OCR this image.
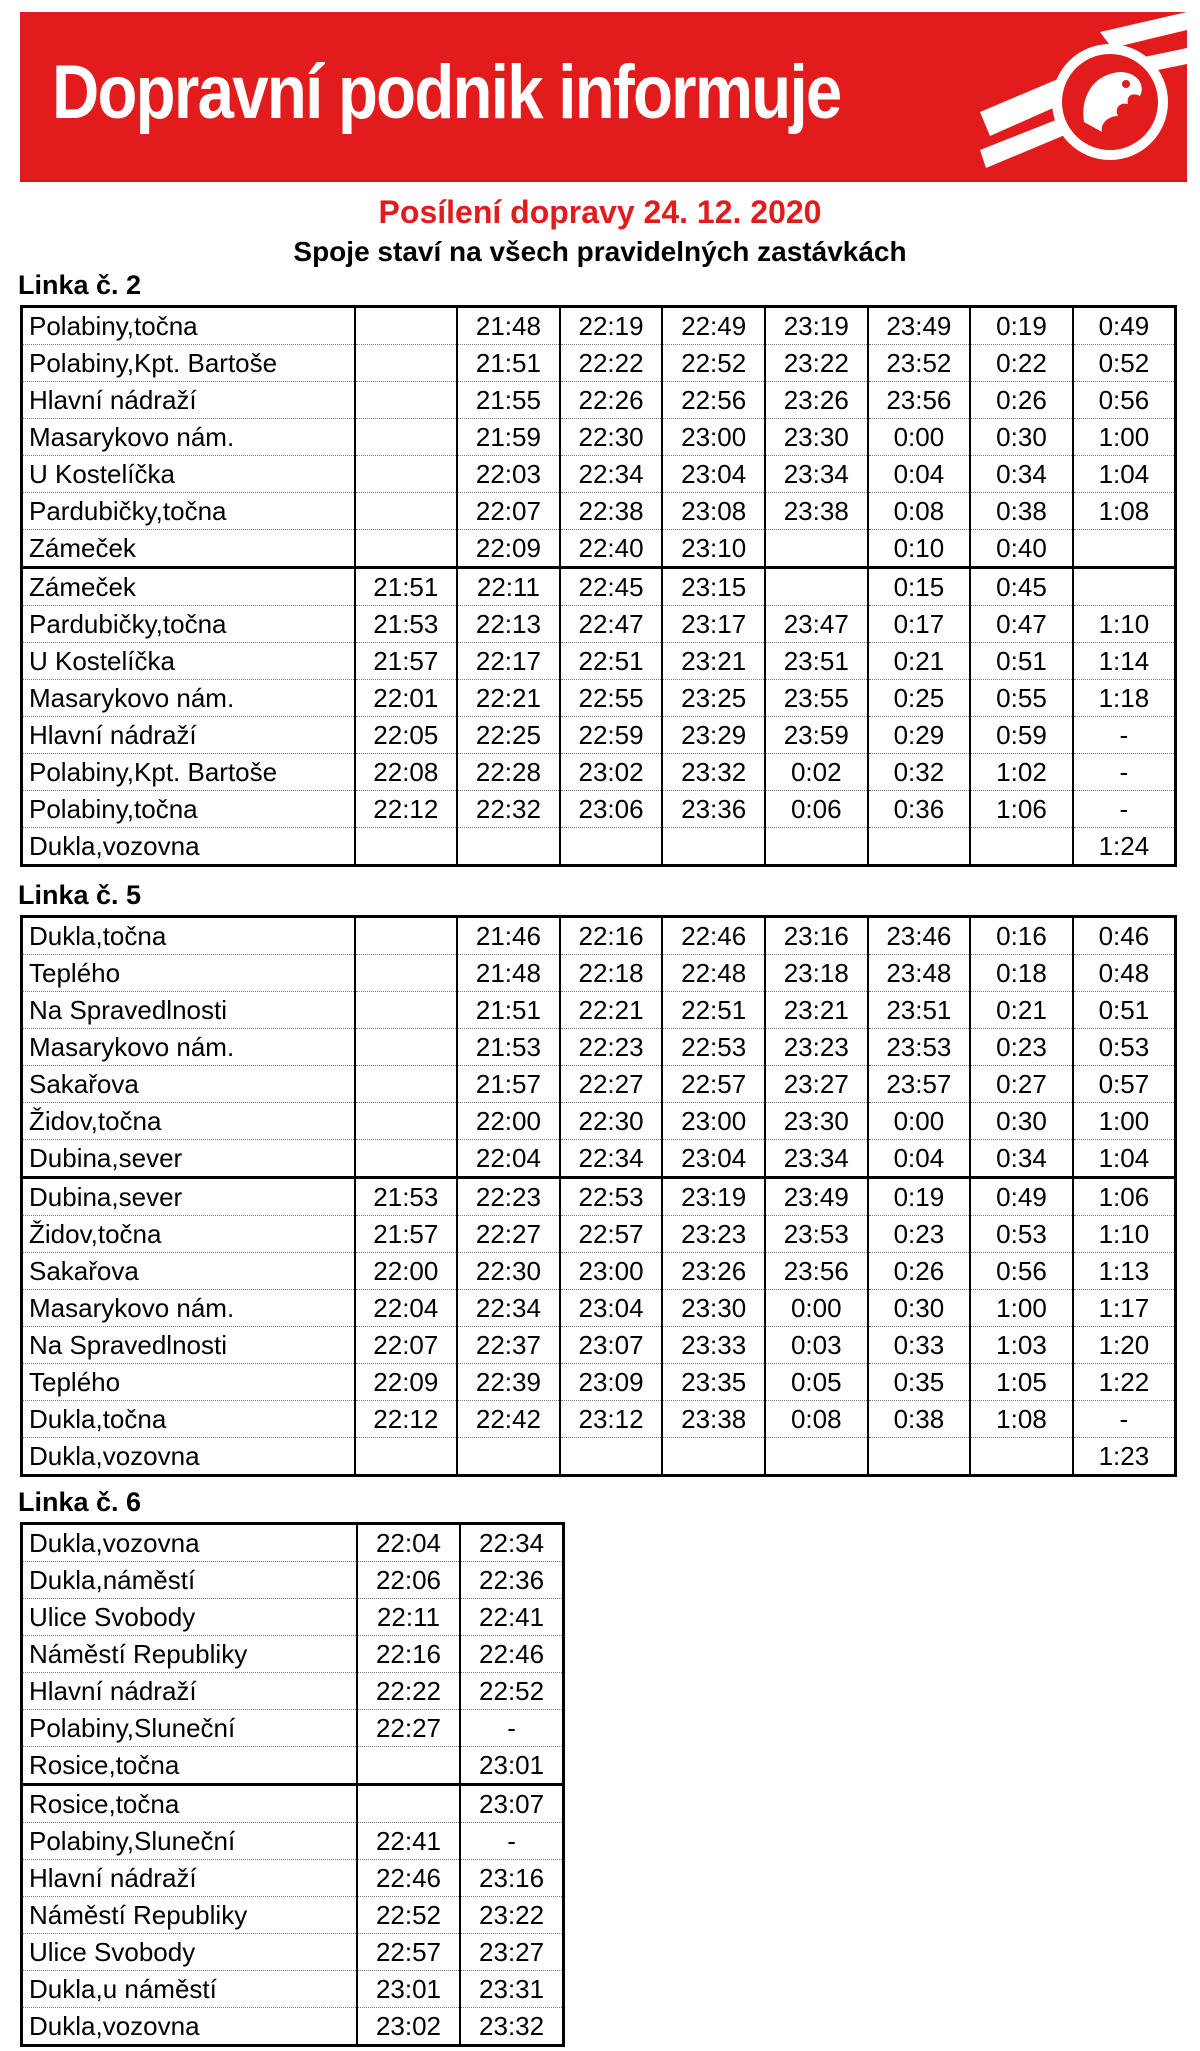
Dopravní podnik informuje
Posílení dopravy 24. 12. 2020
Spoje staví na všech pravidelných zastávkách
Linka č. 2
Polabiny,točna		21:48	22:19	22:49	23:19	23:49	0:19	0:49
Polabiny,Kpt. Bartoše		21:51	22:22	22:52	23:22	23:52	0:22	0:52
Hlavní nádraží		21:55	22:26	22:56	23:26	23:56	0:26	0:56
Masarykovo nám.		21:59	22:30	23:00	23:30	0:00	0:30	1:00
U Kostelíčka		22:03	22:34	23:04	23:34	0:04	0:34	1:04
Pardubičky,točna		22:07	22:38	23:08	23:38	0:08	0:38	1:08
Zámeček		22:09	22:40	23:10		0:10	0:40	
Zámeček	21:51	22:11	22:45	23:15		0:15	0:45	
Pardubičky,točna	21:53	22:13	22:47	23:17	23:47	0:17	0:47	1:10
U Kostelíčka	21:57	22:17	22:51	23:21	23:51	0:21	0:51	1:14
Masarykovo nám.	22:01	22:21	22:55	23:25	23:55	0:25	0:55	1:18
Hlavní nádraží	22:05	22:25	22:59	23:29	23:59	0:29	0:59	-
Polabiny,Kpt. Bartoše	22:08	22:28	23:02	23:32	0:02	0:32	1:02	-
Polabiny,točna	22:12	22:32	23:06	23:36	0:06	0:36	1:06	-
Dukla,vozovna								1:24
Linka č. 5
Dukla,točna		21:46	22:16	22:46	23:16	23:46	0:16	0:46
Teplého		21:48	22:18	22:48	23:18	23:48	0:18	0:48
Na Spravedlnosti		21:51	22:21	22:51	23:21	23:51	0:21	0:51
Masarykovo nám.		21:53	22:23	22:53	23:23	23:53	0:23	0:53
Sakařova		21:57	22:27	22:57	23:27	23:57	0:27	0:57
Židov,točna		22:00	22:30	23:00	23:30	0:00	0:30	1:00
Dubina,sever		22:04	22:34	23:04	23:34	0:04	0:34	1:04
Dubina,sever	21:53	22:23	22:53	23:19	23:49	0:19	0:49	1:06
Židov,točna	21:57	22:27	22:57	23:23	23:53	0:23	0:53	1:10
Sakařova	22:00	22:30	23:00	23:26	23:56	0:26	0:56	1:13
Masarykovo nám.	22:04	22:34	23:04	23:30	0:00	0:30	1:00	1:17
Na Spravedlnosti	22:07	22:37	23:07	23:33	0:03	0:33	1:03	1:20
Teplého	22:09	22:39	23:09	23:35	0:05	0:35	1:05	1:22
Dukla,točna	22:12	22:42	23:12	23:38	0:08	0:38	1:08	-
Dukla,vozovna								1:23
Linka č. 6
Dukla,vozovna	22:04	22:34
Dukla,náměstí	22:06	22:36
Ulice Svobody	22:11	22:41
Náměstí Republiky	22:16	22:46
Hlavní nádraží	22:22	22:52
Polabiny,Sluneční	22:27	-
Rosice,točna		23:01
Rosice,točna		23:07
Polabiny,Sluneční	22:41	-
Hlavní nádraží	22:46	23:16
Náměstí Republiky	22:52	23:22
Ulice Svobody	22:57	23:27
Dukla,u náměstí	23:01	23:31
Dukla,vozovna	23:02	23:32
